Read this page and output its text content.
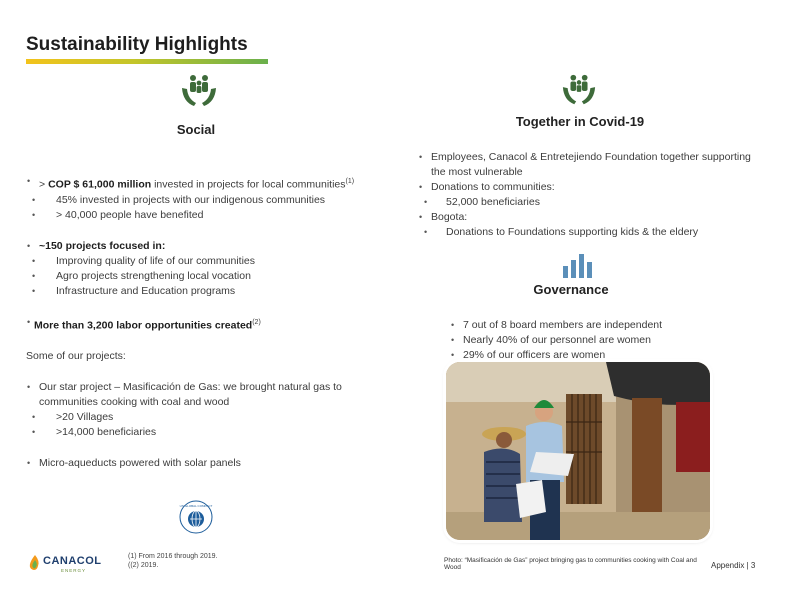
Sustainability Highlights
Social
• > COP $ 61,000 million invested in projects for local communities$^{(1)}$
• 45% invested in projects with our indigenous communities
• > 40,000 people have benefited
• ~150 projects focused in:
• Improving quality of life of our communities
• Agro projects strengthening local vocation
• Infrastructure and Education programs
• More than 3,200 labor opportunities created$^{(2)}$
Some of our projects:
• Our star project – Masificación de Gas: we brought natural gas to communities cooking with coal and wood
• >20 Villages
• >14,000 beneficiaries
• Micro-aqueducts powered with solar panels
UN GLOBAL COMPACT
Together in Covid-19
• Employees, Canacol & Entretejiendo Foundation together supporting the most vulnerable
• Donations to communities:
• 52,000 beneficiaries
• Bogota:
• Donations to Foundations supporting kids & the eldery
Governance
• 7 out of 8 board members are independent
• Nearly 40% of our personnel are women
• 29% of our officers are women
Photo: “Masificación de Gas” project bringing gas to communities cooking with Coal and Wood
CANACOL
ENERGY
(1) From 2016 through 2019.
((2) 2019.	Appendix | 3
